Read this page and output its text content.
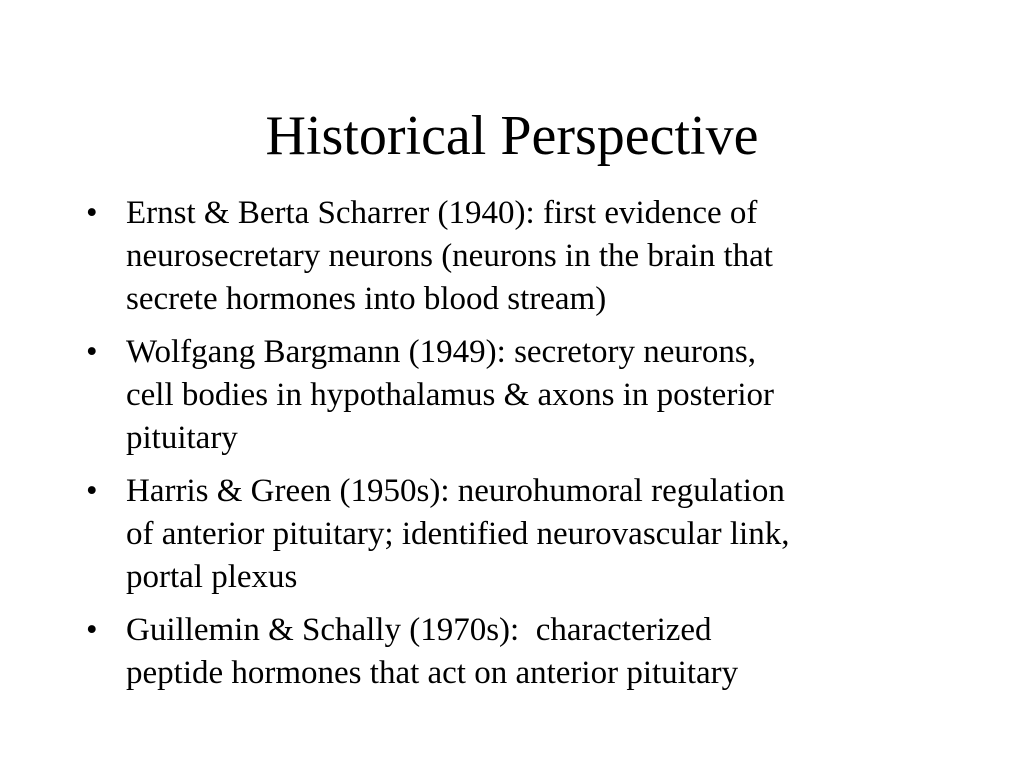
Historical Perspective
• Ernst & Berta Scharrer (1940): first evidence of
neurosecretary neurons (neurons in the brain that
secrete hormones into blood stream)
• Wolfgang Bargmann (1949): secretory neurons,
cell bodies in hypothalamus & axons in posterior
pituitary
• Harris & Green (1950s): neurohumoral regulation
of anterior pituitary; identified neurovascular link,
portal plexus
• Guillemin & Schally (1970s):  characterized
peptide hormones that act on anterior pituitary
